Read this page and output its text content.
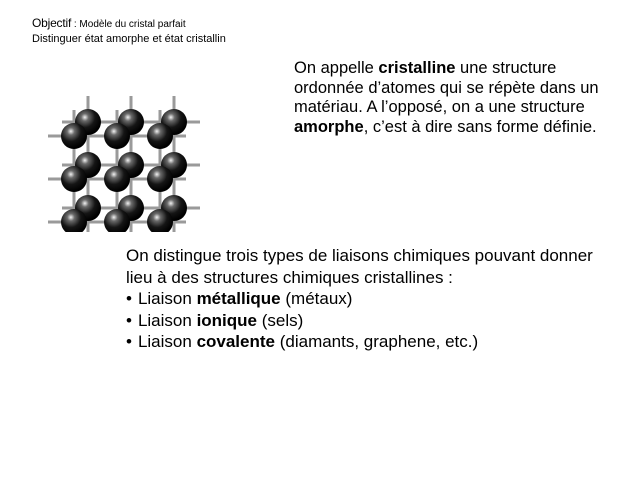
Objectif : Modèle du cristal parfait
Distinguer état amorphe et état cristallin
On appelle cristalline une structure ordonnée d’atomes qui se répète dans un matériau. A l’opposé, on a une structure amorphe, c’est à dire sans forme définie.
On distingue trois types de liaisons chimiques pouvant donner lieu à des structures chimiques cristallines :
• Liaison métallique (métaux)
• Liaison ionique (sels)
• Liaison covalente (diamants, graphene, etc.)
